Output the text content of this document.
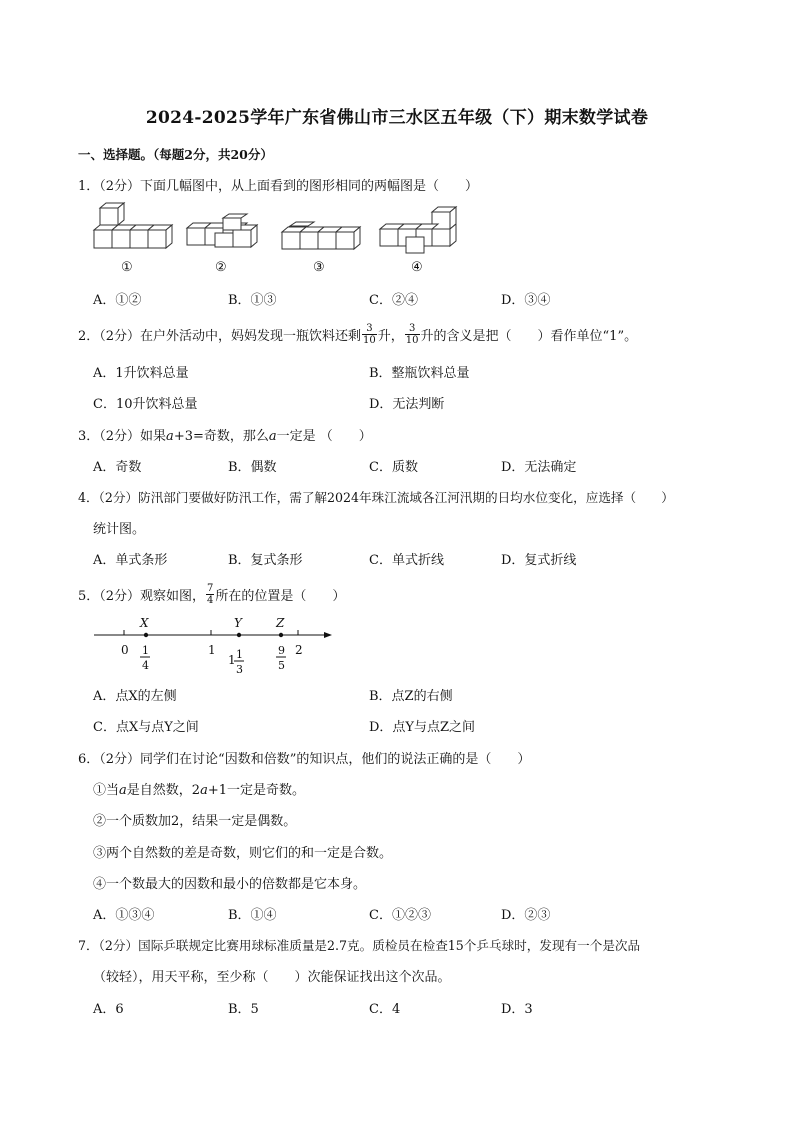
2024-2025学年广东省佛山市三水区五年级（下）期末数学试卷
一、选择题。（每题2分，共20分）
1．（2分）下面几幅图中，从上面看到的图形相同的两幅图是（　　）
①	②	③	④
A．①②	B．①③	C．②④	D．③④
2．（2分）在户外活动中，妈妈发现一瓶饮料还剩 $\frac{3}{10}$ 升， $\frac{3}{10}$ 升的含义是把（　　）看作单位“1”。
A．1升饮料总量	B．整瓶饮料总量
C．10升饮料总量	D．无法判断
3．（2分）如果a+3=奇数，那么a一定是 （　　）
A．奇数	B．偶数	C．质数	D．无法确定
4．（2分）防汛部门要做好防汛工作，需了解2024年珠江流域各江河汛期的日均水位变化，应选择（　　）
统计图。
A．单式条形	B．复式条形	C．单式折线	D．复式折线
5．（2分）观察如图， $\frac{7}{4}$ 所在的位置是（　　）
X	Y	Z
0	1	2
1
4	1 1
3
9
5
A．点X的左侧	B．点Z的右侧
C．点X与点Y之间	D．点Y与点Z之间
6．（2分）同学们在讨论“因数和倍数”的知识点，他们的说法正确的是（　　）
①当a是自然数，2a+1一定是奇数。
②一个质数加2，结果一定是偶数。
③两个自然数的差是奇数，则它们的和一定是合数。
④一个数最大的因数和最小的倍数都是它本身。
A．①③④	B．①④	C．①②③	D．②③
7．（2分）国际乒联规定比赛用球标准质量是2.7克。质检员在检查15个乒乓球时，发现有一个是次品
（较轻），用天平称，至少称（　　）次能保证找出这个次品。
A．6	B．5	C．4	D．3
